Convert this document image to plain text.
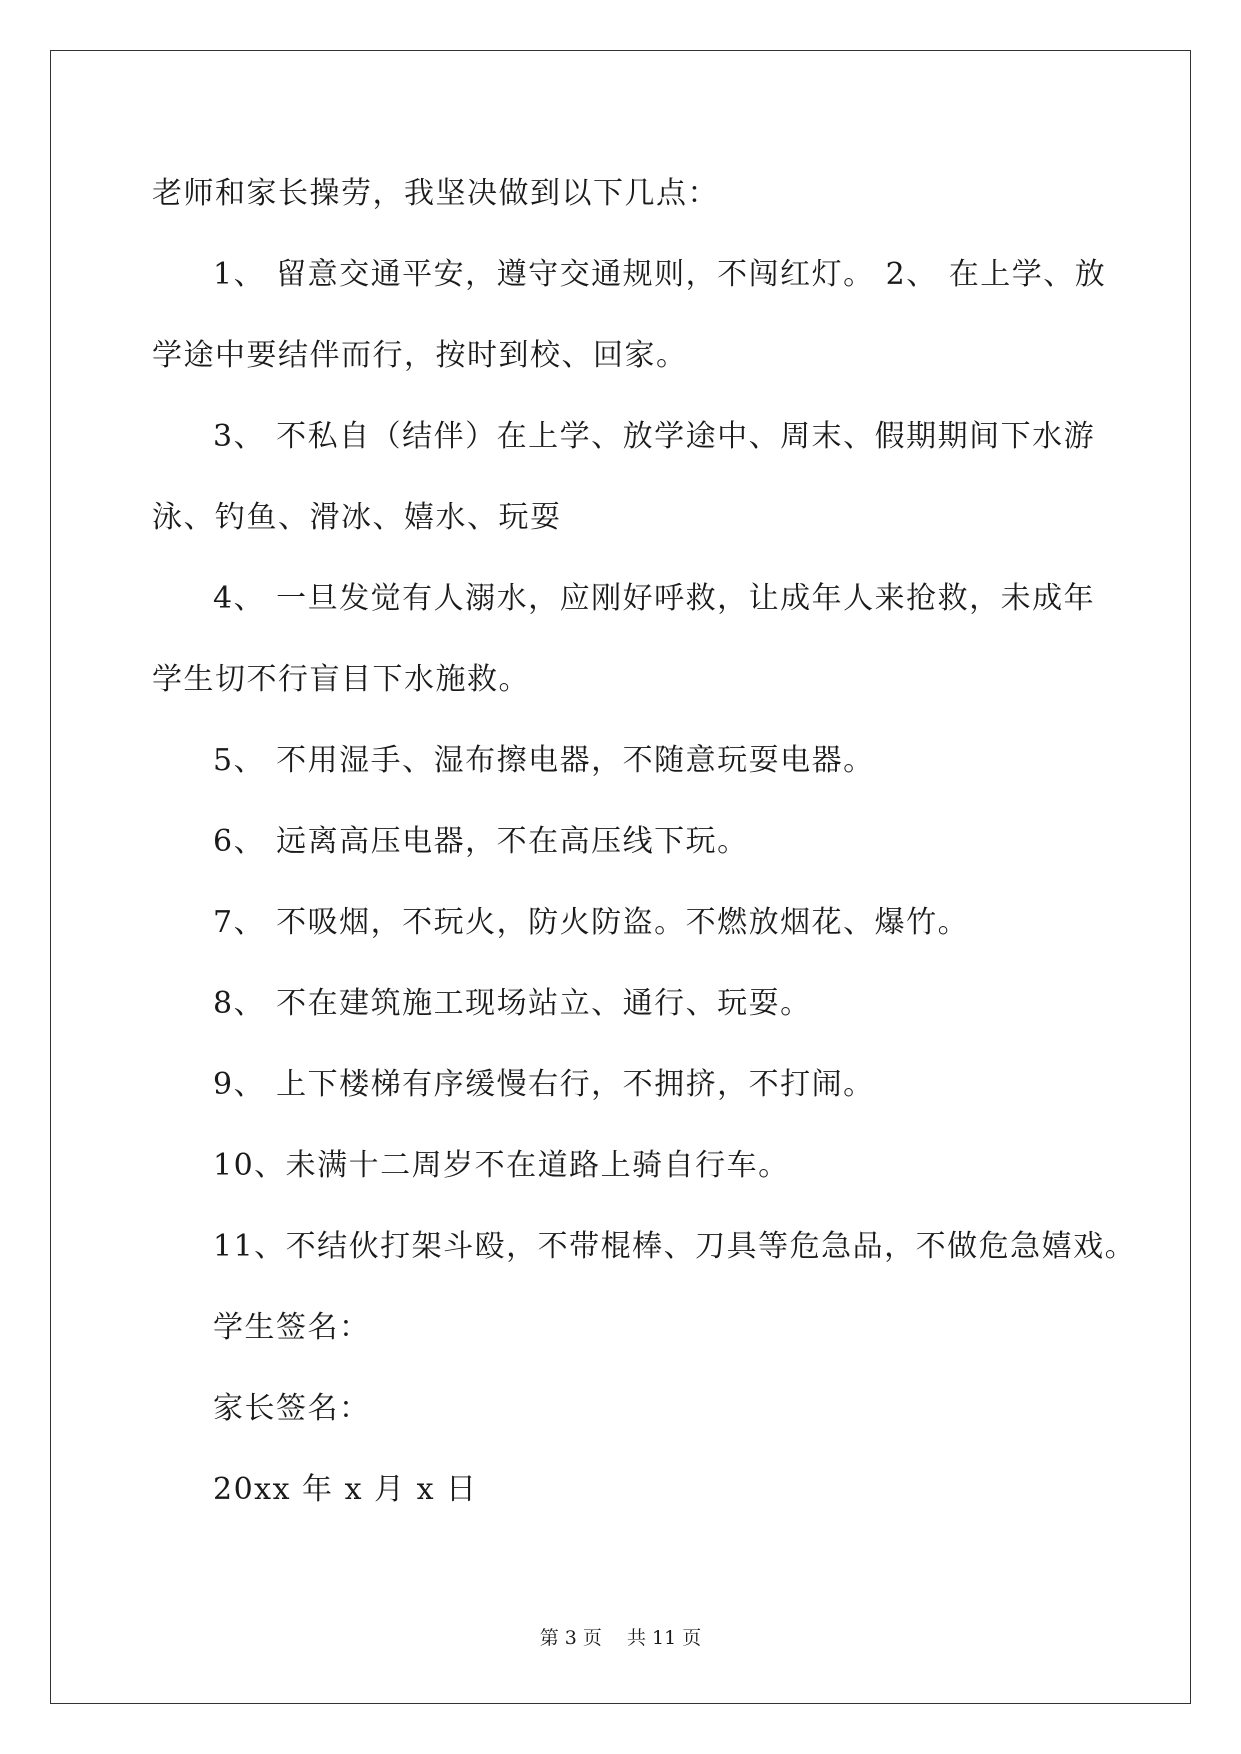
老师和家长操劳，我坚决做到以下几点：
1、 留意交通平安，遵守交通规则，不闯红灯。 2、 在上学、放
学途中要结伴而行，按时到校、回家。
3、 不私自（结伴）在上学、放学途中、周末、假期期间下水游
泳、钓鱼、滑冰、嬉水、玩耍
4、 一旦发觉有人溺水，应刚好呼救，让成年人来抢救，未成年
学生切不行盲目下水施救。
5、 不用湿手、湿布擦电器，不随意玩耍电器。
6、 远离高压电器，不在高压线下玩。
7、 不吸烟，不玩火，防火防盗。不燃放烟花、爆竹。
8、 不在建筑施工现场站立、通行、玩耍。
9、 上下楼梯有序缓慢右行，不拥挤，不打闹。
10、未满十二周岁不在道路上骑自行车。
11、不结伙打架斗殴，不带棍棒、刀具等危急品，不做危急嬉戏。
学生签名：
家长签名：
20xx 年 x 月 x 日
第 3 页　 共 11 页
